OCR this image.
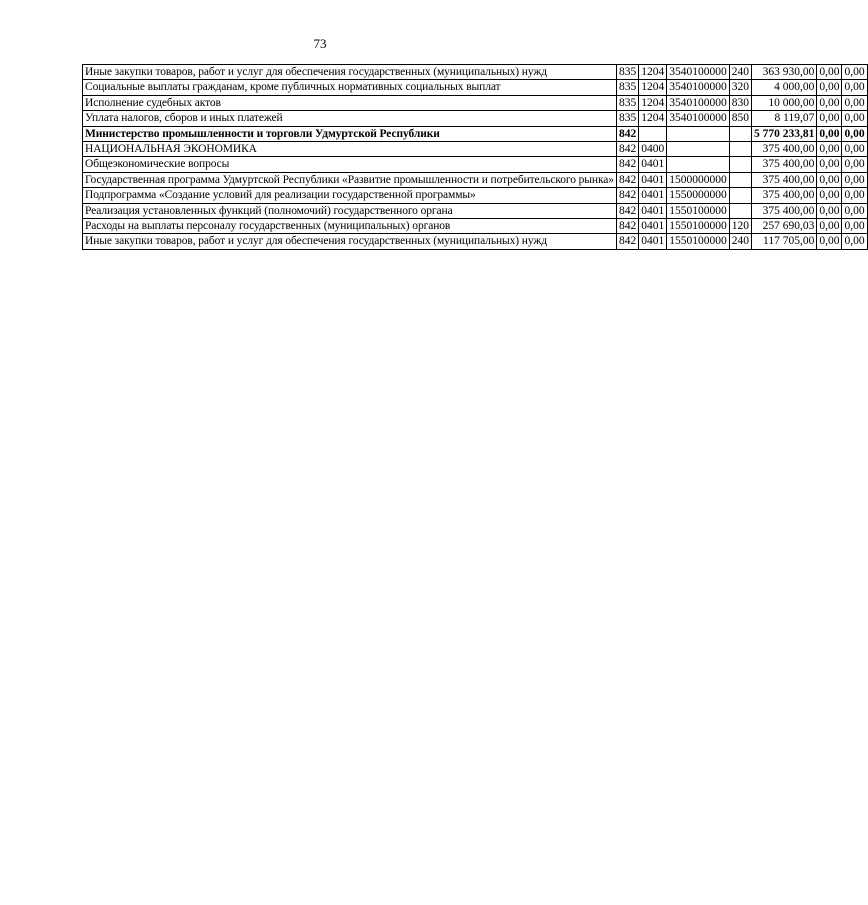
73
Иные закупки товаров, работ и услуг для обеспечения государственных (муниципальных) нужд	835	1204	3540100000	240	363 930,00	0,00	0,00
Социальные выплаты гражданам, кроме публичных нормативных социальных выплат	835	1204	3540100000	320	4 000,00	0,00	0,00
Исполнение судебных актов	835	1204	3540100000	830	10 000,00	0,00	0,00
Уплата налогов, сборов и иных платежей	835	1204	3540100000	850	8 119,07	0,00	0,00
Министерство промышленности и торговли Удмуртской Республики	842				5 770 233,81	0,00	0,00
НАЦИОНАЛЬНАЯ ЭКОНОМИКА	842	0400			375 400,00	0,00	0,00
Общеэкономические вопросы	842	0401			375 400,00	0,00	0,00
Государственная программа Удмуртской Республики «Развитие промышленности и потребительского рынка»	842	0401	1500000000		375 400,00	0,00	0,00
Подпрограмма «Создание условий для реализации государственной программы»	842	0401	1550000000		375 400,00	0,00	0,00
Реализация установленных функций (полномочий) государственного органа	842	0401	1550100000		375 400,00	0,00	0,00
Расходы на выплаты персоналу государственных (муниципальных) органов	842	0401	1550100000	120	257 690,03	0,00	0,00
Иные закупки товаров, работ и услуг для обеспечения государственных (муниципальных) нужд	842	0401	1550100000	240	117 705,00	0,00	0,00
